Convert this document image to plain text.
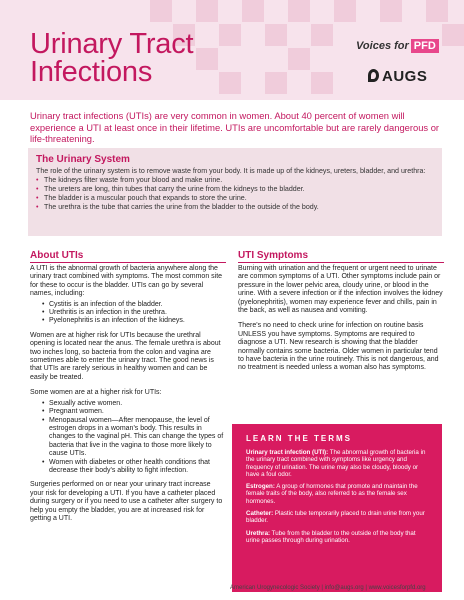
Urinary Tract
Infections
Voices for PFD
AUGS

Urinary tract infections (UTIs) are very common in women. About 40 percent of women will experience a UTI at least once in their lifetime. UTIs are uncomfortable but are rarely dangerous or life-threatening.

The Urinary System

The role of the urinary system is to remove waste from your body. It is made up of the kidneys, ureters, bladder, and urethra:

• The kidneys filter waste from your blood and make urine.
• The ureters are long, thin tubes that carry the urine from the kidneys to the bladder.
• The bladder is a muscular pouch that expands to store the urine.
• The urethra is the tube that carries the urine from the bladder to the outside of the body.
About UTIs

A UTI is the abnormal growth of bacteria anywhere along the urinary tract combined with symptoms. The most common site for these to occur is the bladder. UTIs can go by several names, including:

• Cystitis is an infection of the bladder.
• Urethritis is an infection in the urethra.
• Pyelonephritis is an infection of the kidneys.

Women are at higher risk for UTIs because the urethral opening is located near the anus. The female urethra is about two inches long, so bacteria from the colon and vagina are sometimes able to enter the urinary tract. The good news is that UTIs are rarely serious in healthy women and can be easily be treated.

Some women are at a higher risk for UTIs:

• Sexually active women.
• Pregnant women.
• Menopausal women—After menopause, the level of estrogen drops in a woman's body. This results in changes to the vaginal pH. This can change the types of bacteria that live in the vagina to those more likely to cause UTIs.
• Women with diabetes or other health conditions that decrease their body's ability to fight infection.

Surgeries performed on or near your urinary tract increase your risk for developing a UTI. If you have a catheter placed during surgery or if you need to use a catheter after surgery to help you empty the bladder, you are at increased risk for getting a UTI.

UTI Symptoms

Burning with urination and the frequent or urgent need to urinate are common symptoms of a UTI. Other symptoms include pain or pressure in the lower pelvic area, cloudy urine, or blood in the urine. With a severe infection or if the infection involves the kidney (pyelonephritis), women may experience fever and chills, pain in the back, as well as nausea and vomiting.

There's no need to check urine for infection on routine basis UNLESS you have symptoms. Symptoms are required to diagnose a UTI. New research is showing that the bladder normally contains some bacteria. Older women in particular tend to have bacteria in the urine routinely. This is not dangerous, and no treatment is needed unless a woman also has symptoms.

LEARN THE TERMS

Urinary tract infection (UTI): The abnormal growth of bacteria in the urinary tract combined with symptoms like urgency and frequency of urination. The urine may also be cloudy, bloody or have a foul odor.

Estrogen: A group of hormones that promote and maintain the female traits of the body, also referred to as the female sex hormones.

Catheter: Plastic tube temporarily placed to drain urine from your bladder.

Urethra: Tube from the bladder to the outside of the body that urine passes through during urination.

American Urogynecologic Society | info@augs.org | www.voicesforpfd.org
